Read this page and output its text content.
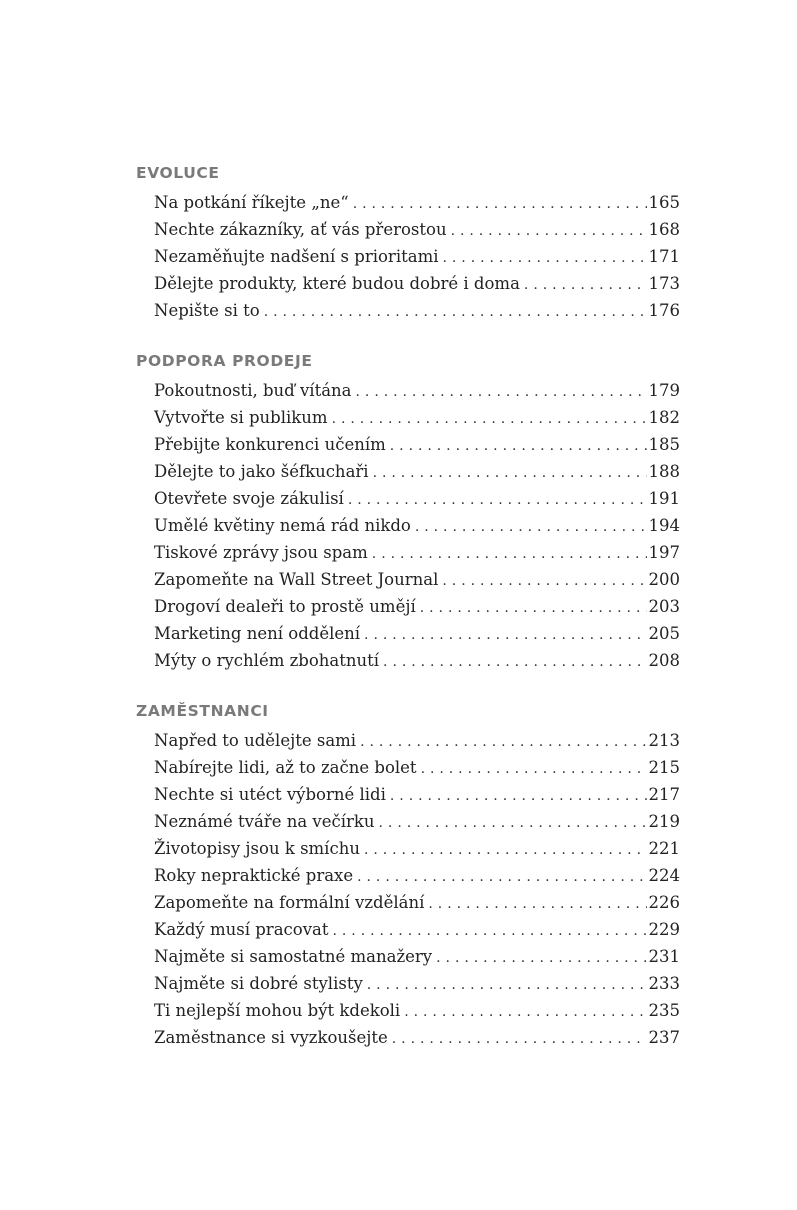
EVOLUCE
Na potkání říkejte „ne“ . . .	165
Nechte zákazníky, ať vás přerostou . . .	168
Nezaměňujte nadšení s prioritami . . .	171
Dělejte produkty, které budou dobré i doma . . .	173
Nepište si to . . .	176
PODPORA PRODEJE
Pokoutnosti, buď vítána . . .	179
Vytvořte si publikum . . .	182
Přebijte konkurenci učením . . .	185
Dělejte to jako šéfkuchaři . . .	188
Otevřete svoje zákulisí . . .	191
Umělé květiny nemá rád nikdo . . .	194
Tiskové zprávy jsou spam . . .	197
Zapomeňte na Wall Street Journal . . .	200
Drogoví dealeři to prostě umějí . . .	203
Marketing není oddělení . . .	205
Mýty o rychlém zbohatnutí . . .	208
ZAMĚSTNANCI
Napřed to udělejte sami . . .	213
Nabírejte lidi, až to začne bolet . . .	215
Nechte si utéct výborné lidi . . .	217
Neznámé tváře na večírku . . .	219
Životopisy jsou k smíchu . . .	221
Roky nepraktické praxe . . .	224
Zapomeňte na formální vzdělání . . .	226
Každý musí pracovat . . .	229
Najměte si samostatné manažery . . .	231
Najměte si dobré stylisty . . .	233
Ti nejlepší mohou být kdekoli . . .	235
Zaměstnance si vyzkoušejte . . .	237
